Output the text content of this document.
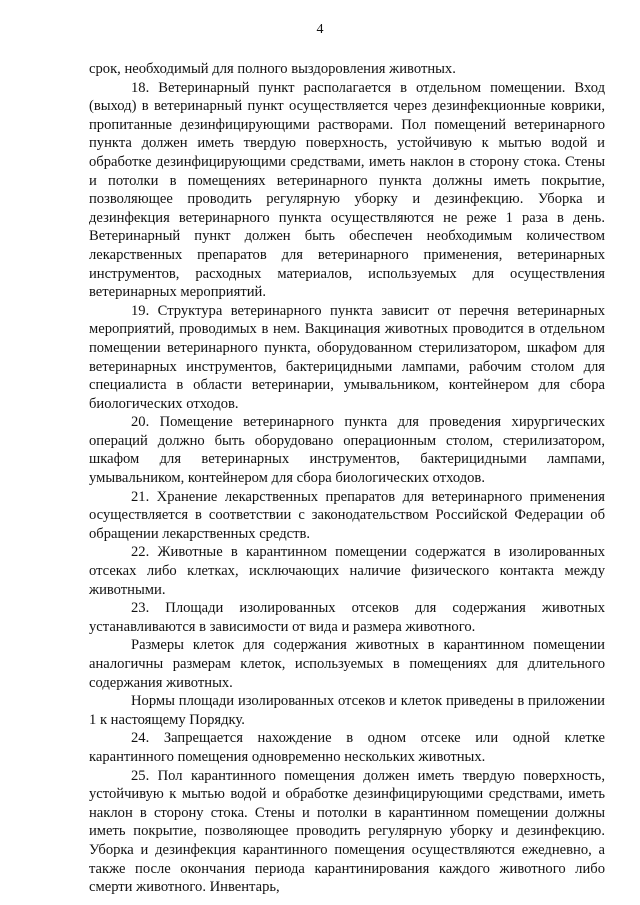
4

срок, необходимый для полного выздоровления животных.

18. Ветеринарный пункт располагается в отдельном помещении. Вход (выход) в ветеринарный пункт осуществляется через дезинфекционные коврики, пропитанные дезинфицирующими растворами. Пол помещений ветеринарного пункта должен иметь твердую поверхность, устойчивую к мытью водой и обработке дезинфицирующими средствами, иметь наклон в сторону стока. Стены и потолки в помещениях ветеринарного пункта должны иметь покрытие, позволяющее проводить регулярную уборку и дезинфекцию. Уборка и дезинфекция ветеринарного пункта осуществляются не реже 1 раза в день. Ветеринарный пункт должен быть обеспечен необходимым количеством лекарственных препаратов для ветеринарного применения, ветеринарных инструментов, расходных материалов, используемых для осуществления ветеринарных мероприятий.

19. Структура ветеринарного пункта зависит от перечня ветеринарных мероприятий, проводимых в нем. Вакцинация животных проводится в отдельном помещении ветеринарного пункта, оборудованном стерилизатором, шкафом для ветеринарных инструментов, бактерицидными лампами, рабочим столом для специалиста в области ветеринарии, умывальником, контейнером для сбора биологических отходов.

20. Помещение ветеринарного пункта для проведения хирургических операций должно быть оборудовано операционным столом, стерилизатором, шкафом для ветеринарных инструментов, бактерицидными лампами, умывальником, контейнером для сбора биологических отходов.

21. Хранение лекарственных препаратов для ветеринарного применения осуществляется в соответствии с законодательством Российской Федерации об обращении лекарственных средств.

22. Животные в карантинном помещении содержатся в изолированных отсеках либо клетках, исключающих наличие физического контакта между животными.

23. Площади изолированных отсеков для содержания животных устанавливаются в зависимости от вида и размера животного.

Размеры клеток для содержания животных в карантинном помещении аналогичны размерам клеток, используемых в помещениях для длительного содержания животных.

Нормы площади изолированных отсеков и клеток приведены в приложении 1 к настоящему Порядку.

24. Запрещается нахождение в одном отсеке или одной клетке карантинного помещения одновременно нескольких животных.

25. Пол карантинного помещения должен иметь твердую поверхность, устойчивую к мытью водой и обработке дезинфицирующими средствами, иметь наклон в сторону стока. Стены и потолки в карантинном помещении должны иметь покрытие, позволяющее проводить регулярную уборку и дезинфекцию. Уборка и дезинфекция карантинного помещения осуществляются ежедневно, а также после окончания периода карантинирования каждого животного либо смерти животного. Инвентарь,
